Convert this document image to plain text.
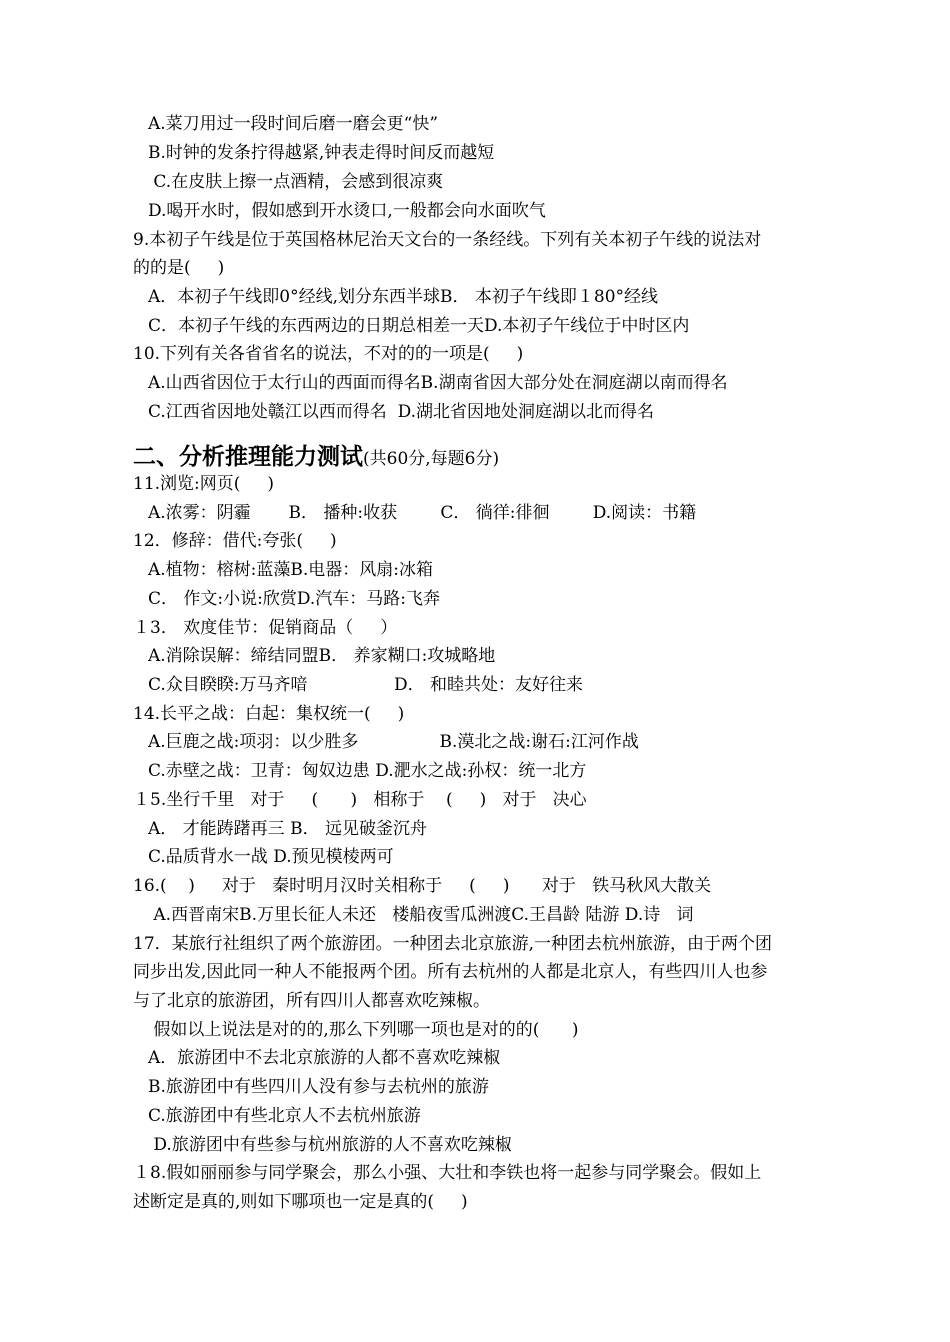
A.菜刀用过一段时间后磨一磨会更“快”
B.时钟的发条拧得越紧,钟表走得时间反而越短
C.在皮肤上擦一点酒精，会感到很凉爽
D.喝开水时，假如感到开水烫口,一般都会向水面吹气
9.本初子午线是位于英国格林尼治天文台的一条经线。下列有关本初子午线的说法对
的的是(     )
A．本初子午线即0°经线,划分东西半球B． 本初子午线即１80°经线
C．本初子午线的东西两边的日期总相差一天D.本初子午线位于中时区内
10.下列有关各省省名的说法，不对的的一项是(     )
A.山西省因位于太行山的西面而得名B.湖南省因大部分处在洞庭湖以南而得名
C.江西省因地处赣江以西而得名  D.湖北省因地处洞庭湖以北而得名
二、分析推理能力测试(共60分,每题6分)
11.浏览:网页(     )
A.浓雾：阴霾       B． 播种:收获        C． 徜徉:徘徊        D.阅读：书籍
12．修辞：借代:夸张(     )
A.植物：榕树:蓝藻B.电器：风扇:冰箱
C． 作文:小说:欣赏D.汽车：马路:飞奔
１3． 欢度佳节：促销商品（     ）
A.消除误解：缔结同盟B． 养家糊口:攻城略地
C.众目睽睽:万马齐喑                D． 和睦共处：友好往来
14.长平之战：白起：集权统一(     )
A.巨鹿之战:项羽：以少胜多               B.漠北之战:谢石:江河作战
C.赤壁之战：卫青：匈奴边患 D.淝水之战:孙权：统一北方
１5.坐行千里   对于     (      )   相称于    (     )   对于   决心
A． 才能踌躇再三 B． 远见破釜沉舟
C.品质背水一战 D.预见模棱两可
16.(    )     对于   秦时明月汉时关相称于     (     )      对于   铁马秋风大散关
A.西晋南宋B.万里长征人未还   楼船夜雪瓜洲渡C.王昌龄 陆游 D.诗   词
17．某旅行社组织了两个旅游团。一种团去北京旅游,一种团去杭州旅游，由于两个团
同步出发,因此同一种人不能报两个团。所有去杭州的人都是北京人，有些四川人也参
与了北京的旅游团，所有四川人都喜欢吃辣椒。
假如以上说法是对的的,那么下列哪一项也是对的的(      )
A．旅游团中不去北京旅游的人都不喜欢吃辣椒
B.旅游团中有些四川人没有参与去杭州的旅游
C.旅游团中有些北京人不去杭州旅游
D.旅游团中有些参与杭州旅游的人不喜欢吃辣椒
１8.假如丽丽参与同学聚会，那么小强、大壮和李铁也将一起参与同学聚会。假如上
述断定是真的,则如下哪项也一定是真的(     )
